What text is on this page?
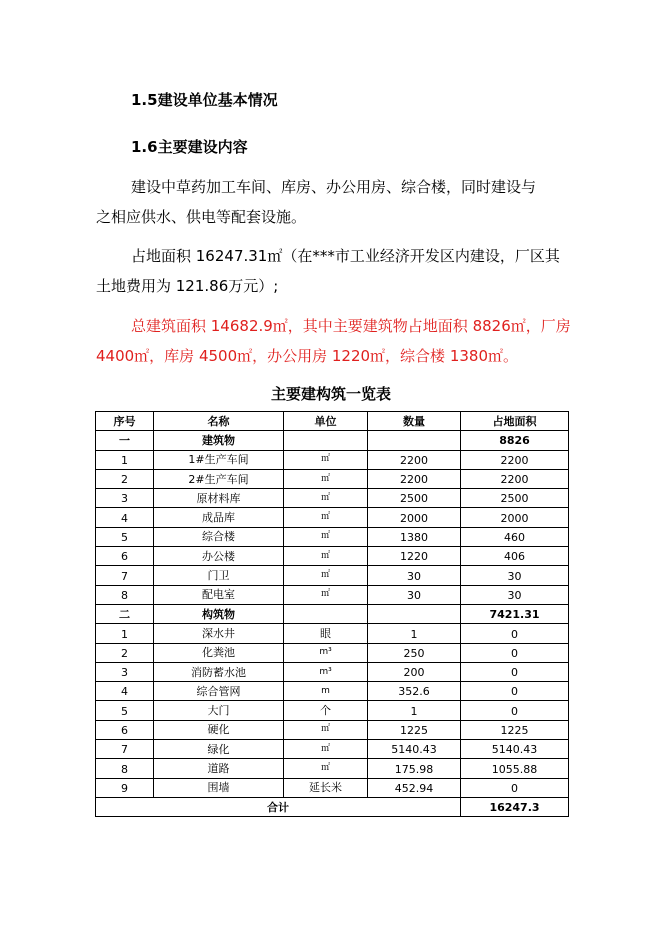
1.5建设单位基本情况
1.6主要建设内容
建设中草药加工车间、库房、办公用房、综合楼，同时建设与
之相应供水、供电等配套设施。
占地面积 16247.31㎡（在***市工业经济开发区内建设，厂区其
土地费用为 121.86万元）;
总建筑面积 14682.9㎡，其中主要建筑物占地面积 8826㎡，厂房
4400㎡，库房 4500㎡，办公用房 1220㎡，综合楼 1380㎡。
主要建构筑一览表
序号	名称	单位	数量	占地面积
一	建筑物			8826
1	1#生产车间	㎡	2200	2200
2	2#生产车间	㎡	2200	2200
3	原材料库	㎡	2500	2500
4	成品库	㎡	2000	2000
5	综合楼	㎡	1380	460
6	办公楼	㎡	1220	406
7	门卫	㎡	30	30
8	配电室	㎡	30	30
二	构筑物			7421.31
1	深水井	眼	1	0
2	化粪池	m³	250	0
3	消防蓄水池	m³	200	0
4	综合管网	m	352.6	0
5	大门	个	1	0
6	硬化	㎡	1225	1225
7	绿化	㎡	5140.43	5140.43
8	道路	㎡	175.98	1055.88
9	围墙	延长米	452.94	0
合计				16247.3
